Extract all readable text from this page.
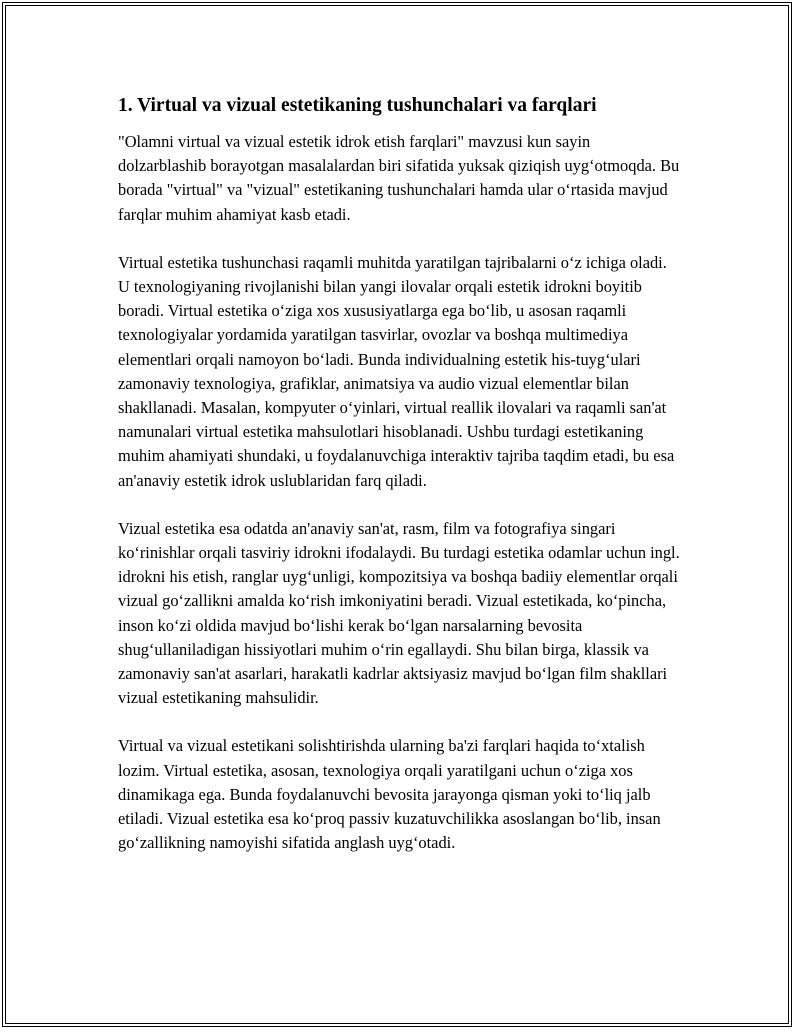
1. Virtual va vizual estetikaning tushunchalari va farqlari

"Olamni virtual va vizual estetik idrok etish farqlari" mavzusi kun sayin dolzarblashib borayotgan masalalardan biri sifatida yuksak qiziqish uyg‘otmoqda. Bu borada "virtual" va "vizual" estetikaning tushunchalari hamda ular o‘rtasida mavjud farqlar muhim ahamiyat kasb etadi.

Virtual estetika tushunchasi raqamli muhitda yaratilgan tajribalarni o‘z ichiga oladi. U texnologiyaning rivojlanishi bilan yangi ilovalar orqali estetik idrokni boyitib boradi. Virtual estetika o‘ziga xos xususiyatlarga ega bo‘lib, u asosan raqamli texnologiyalar yordamida yaratilgan tasvirlar, ovozlar va boshqa multimediya elementlari orqali namoyon bo‘ladi. Bunda individualning estetik his-tuyg‘ulari zamonaviy texnologiya, grafiklar, animatsiya va audio vizual elementlar bilan shakllanadi. Masalan, kompyuter o‘yinlari, virtual reallik ilovalari va raqamli san'at namunalari virtual estetika mahsulotlari hisoblanadi. Ushbu turdagi estetikaning muhim ahamiyati shundaki, u foydalanuvchiga interaktiv tajriba taqdim etadi, bu esa an'anaviy estetik idrok uslublaridan farq qiladi.

Vizual estetika esa odatda an'anaviy san'at, rasm, film va fotografiya singari ko‘rinishlar orqali tasviriy idrokni ifodalaydi. Bu turdagi estetika odamlar uchun ingl. idrokni his etish, ranglar uyg‘unligi, kompozitsiya va boshqa badiiy elementlar orqali vizual go‘zallikni amalda ko‘rish imkoniyatini beradi. Vizual estetikada, ko‘pincha, inson ko‘zi oldida mavjud bo‘lishi kerak bo‘lgan narsalarning bevosita shug‘ullaniladigan hissiyotlari muhim o‘rin egallaydi. Shu bilan birga, klassik va zamonaviy san'at asarlari, harakatli kadrlar aktsiyasiz mavjud bo‘lgan film shakllari vizual estetikaning mahsulidir.

Virtual va vizual estetikani solishtirishda ularning ba'zi farqlari haqida to‘xtalish lozim. Virtual estetika, asosan, texnologiya orqali yaratilgani uchun o‘ziga xos dinamikaga ega. Bunda foydalanuvchi bevosita jarayonga qisman yoki to‘liq jalb etiladi. Vizual estetika esa ko‘proq passiv kuzatuvchilikka asoslangan bo‘lib, insan go‘zallikning namoyishi sifatida anglash uyg‘otadi.
